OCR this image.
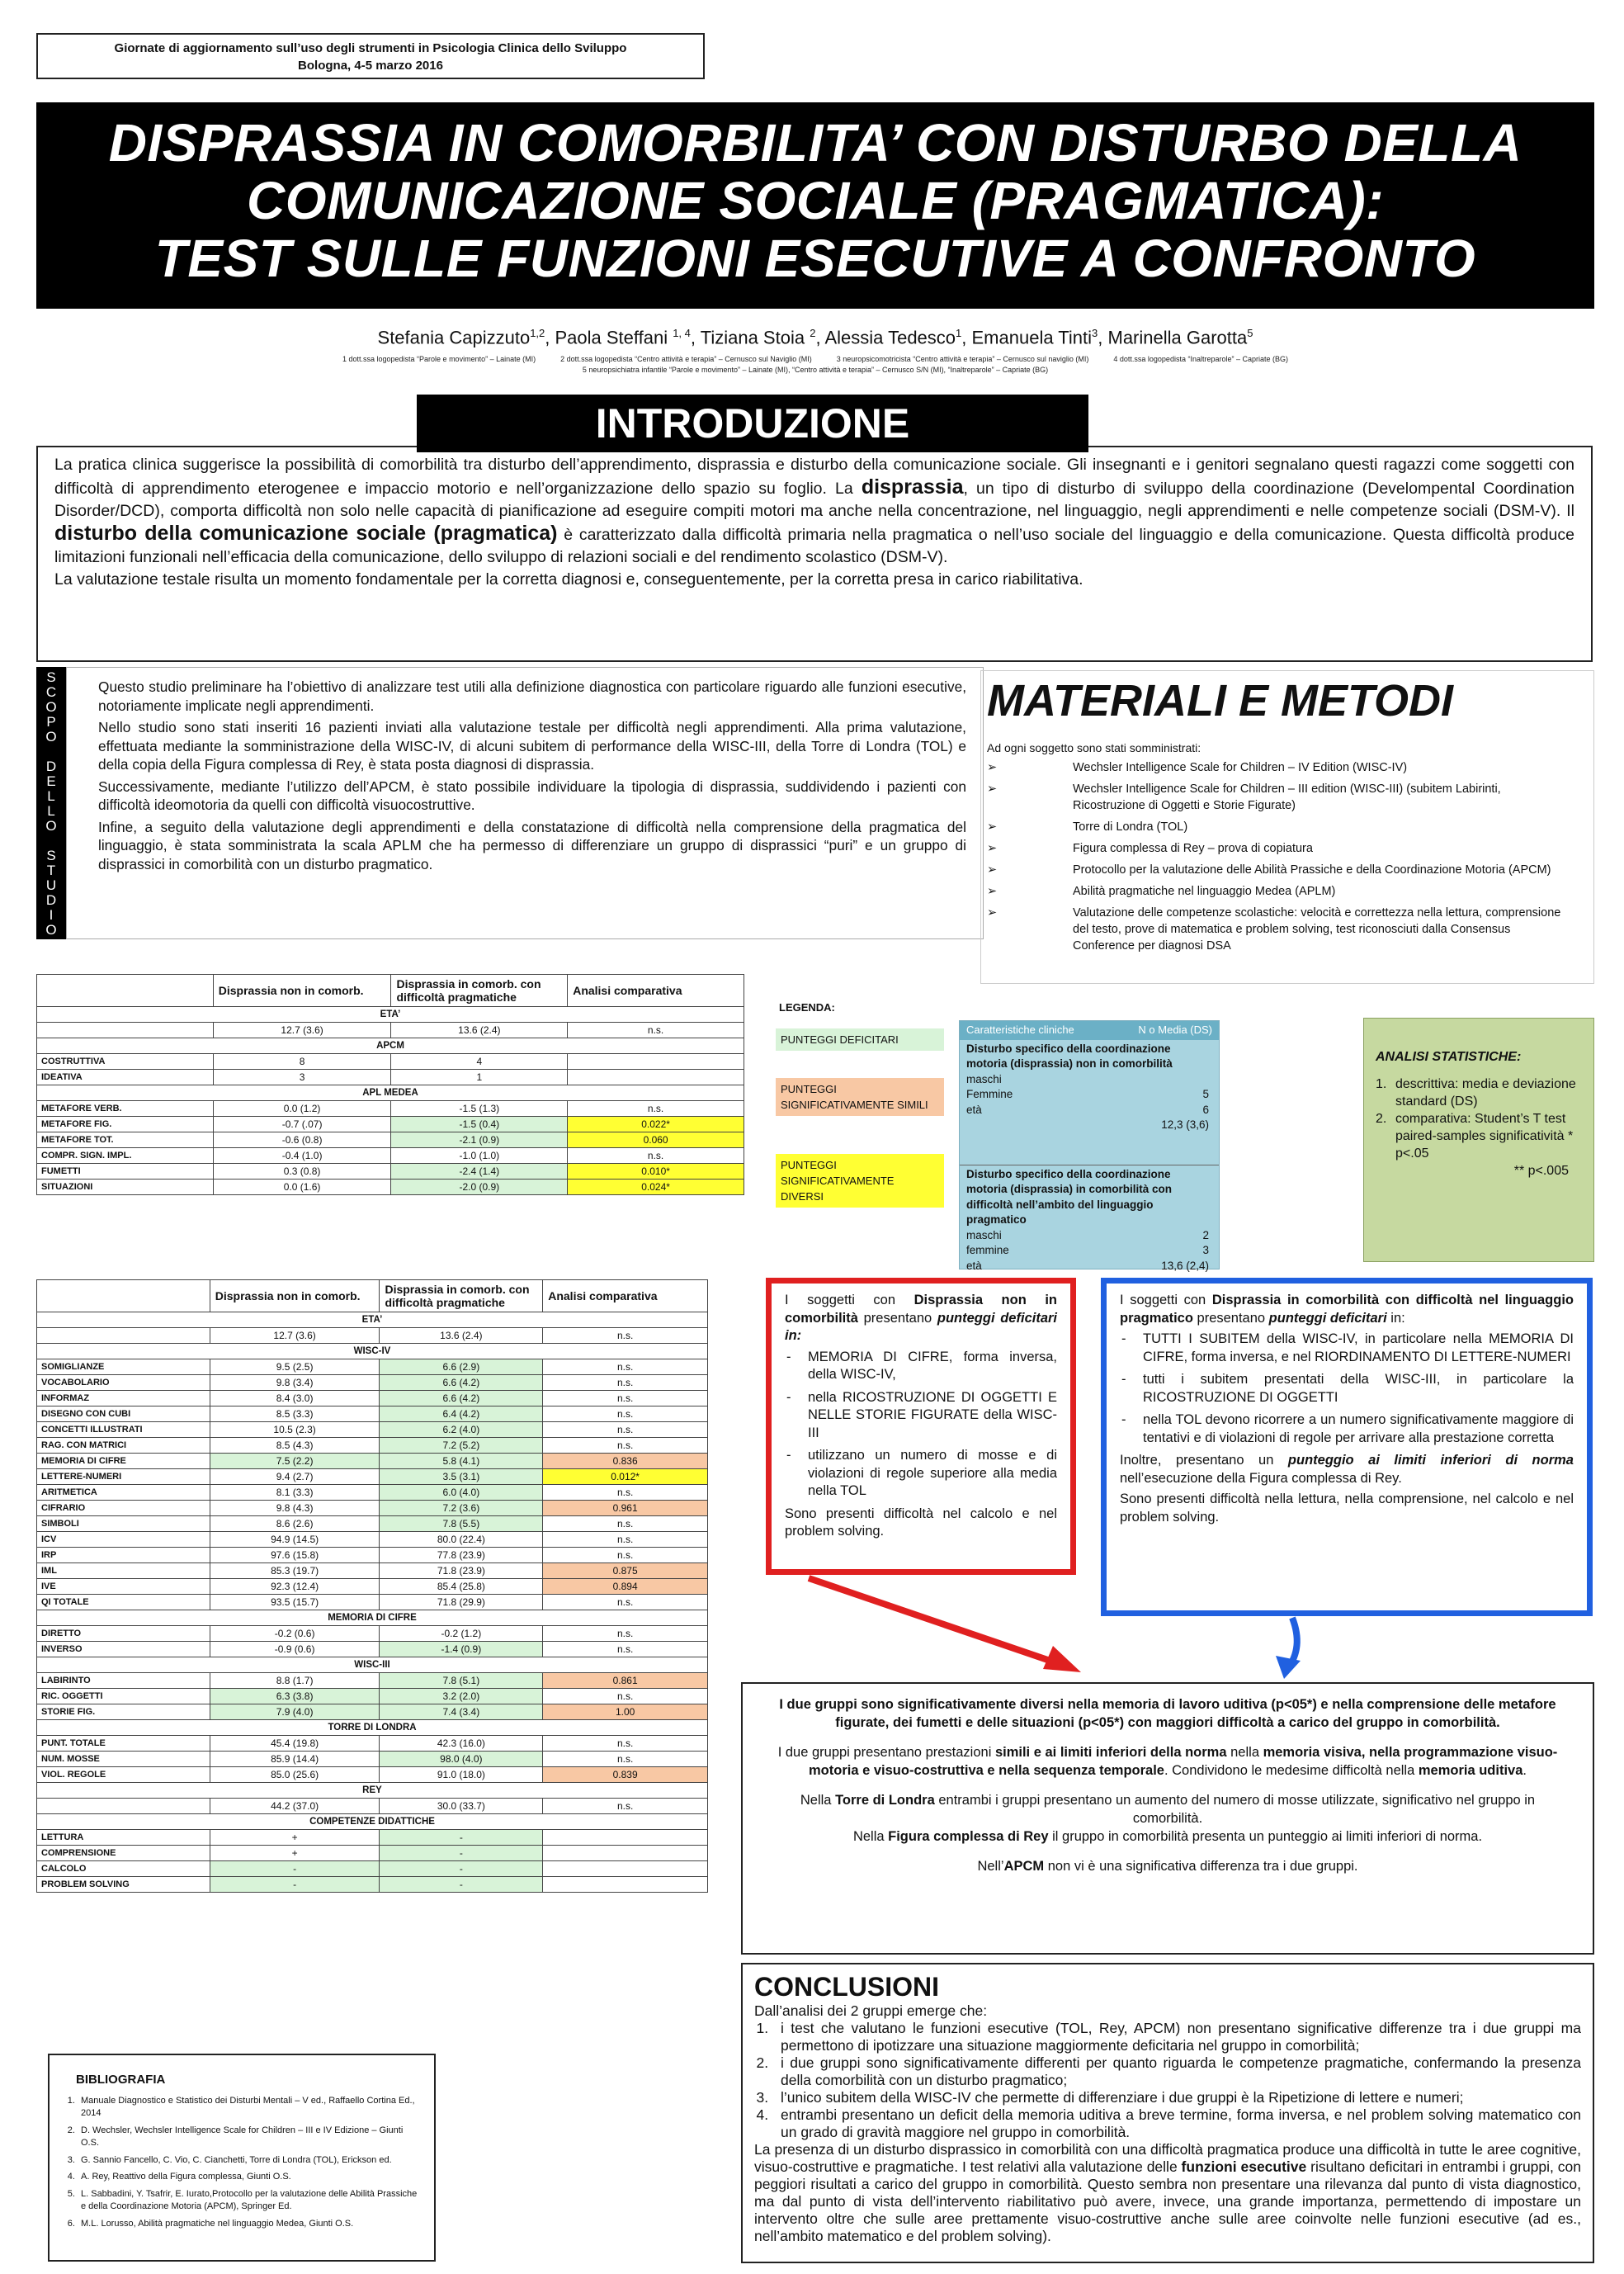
Giornate di aggiornamento sull’uso degli strumenti in Psicologia Clinica dello Sviluppo
Bologna, 4-5 marzo 2016
DISPRASSIA IN COMORBILITA’ CON DISTURBO DELLA
COMUNICAZIONE SOCIALE (PRAGMATICA):
TEST SULLE FUNZIONI ESECUTIVE A CONFRONTO
Stefania Capizzuto$^{1,2}$, Paola Steffani $^{1, 4}$, Tiziana Stoia $^2$, Alessia Tedesco$^1$, Emanuela Tinti$^3$, Marinella Garotta$^5$
1 dott.ssa logopedista “Parole e movimento” – Lainate (MI)            2 dott.ssa logopedista “Centro attività e terapia” – Cernusco sul Naviglio (MI)            3 neuropsicomotricista “Centro attività e terapia” – Cernusco sul naviglio (MI)            4 dott.ssa logopedista “Inaltreparole” – Capriate (BG)
5 neuropsichiatra infantile “Parole e movimento” – Lainate (MI), “Centro attività e terapia” – Cernusco S/N (MI), “Inaltreparole” – Capriate (BG)
La pratica clinica suggerisce la possibilità di comorbilità tra disturbo dell’apprendimento, disprassia e disturbo della comunicazione sociale. Gli insegnanti e i genitori segnalano questi ragazzi come soggetti con difficoltà di apprendimento eterogenee e impaccio motorio e nell’organizzazione dello spazio su foglio. La disprassia, un tipo di disturbo di sviluppo della coordinazione (Develompental Coordination Disorder/DCD), comporta difficoltà non solo nelle capacità di pianificazione ad eseguire compiti motori ma anche nella concentrazione, nel linguaggio, negli apprendimenti e nelle competenze sociali (DSM-V). Il disturbo della comunicazione sociale (pragmatica) è caratterizzato dalla difficoltà primaria nella pragmatica o nell’uso sociale del linguaggio e della comunicazione. Questa difficoltà produce limitazioni funzionali nell’efficacia della comunicazione, dello sviluppo di relazioni sociali e del rendimento scolastico (DSM-V).
La valutazione testale risulta un momento fondamentale per la corretta diagnosi e, conseguentemente, per la corretta presa in carico riabilitativa.
INTRODUZIONE
S
C
O
P
O

D
E
L
L
O

S
T
U
D
I
O

Questo studio preliminare ha l’obiettivo di analizzare test utili alla definizione diagnostica con particolare riguardo alle funzioni esecutive, notoriamente implicate negli apprendimenti.

Nello studio sono stati inseriti 16 pazienti inviati alla valutazione testale per difficoltà negli apprendimenti. Alla prima valutazione, effettuata mediante la somministrazione della WISC-IV, di alcuni subitem di performance della WISC-III, della Torre di Londra (TOL) e della copia della Figura complessa di Rey, è stata posta diagnosi di disprassia.

Successivamente, mediante l’utilizzo dell’APCM, è stato possibile individuare la tipologia di disprassia, suddividendo i pazienti con difficoltà ideomotoria da quelli con difficoltà visuocostruttive.

Infine, a seguito della valutazione degli apprendimenti e della constatazione di difficoltà nella comprensione della pragmatica del linguaggio, è stata somministrata la scala APLM che ha permesso di differenziare un gruppo di disprassici “puri” e un gruppo di disprassici in comorbilità con un disturbo pragmatico.

MATERIALI E METODI
Ad ogni soggetto sono stati somministrati:
➢	Wechsler Intelligence Scale for Children – IV Edition (WISC-IV)
➢	Wechsler Intelligence Scale for Children – III edition (WISC-III) (subitem Labirinti, Ricostruzione di Oggetti e Storie Figurate)
➢	Torre di Londra (TOL)
➢	Figura complessa di Rey – prova di copiatura
➢	Protocollo per la valutazione delle Abilità Prassiche e della Coordinazione Motoria (APCM)
➢	Abilità pragmatiche nel linguaggio Medea (APLM)
➢	Valutazione delle competenze scolastiche: velocità e correttezza nella lettura, comprensione del testo, prove di matematica e problem solving, test riconosciuti dalla Consensus Conference per diagnosi DSA
	Disprassia non in comorb.	Disprassia in comorb. con difficoltà pragmatiche	Analisi comparativa
ETA’			
	12.7 (3.6)	13.6 (2.4)	n.s.
APCM			
COSTRUTTIVA	8	4	
IDEATIVA	3	1	
APL MEDEA			
METAFORE VERB.	0.0 (1.2)	-1.5 (1.3)	n.s.
METAFORE FIG.	-0.7 (.07)	-1.5 (0.4)	0.022*
METAFORE TOT.	-0.6 (0.8)	-2.1 (0.9)	0.060
COMPR. SIGN. IMPL.	-0.4 (1.0)	-1.0 (1.0)	n.s.
FUMETTI	0.3 (0.8)	-2.4 (1.4)	0.010*
SITUAZIONI	0.0 (1.6)	-2.0 (0.9)	0.024*
LEGENDA:
PUNTEGGI DEFICITARI
PUNTEGGI SIGNIFICATIVAMENTE SIMILI
PUNTEGGI SIGNIFICATIVAMENTE DIVERSI
Caratteristiche cliniche	N o Media (DS)
Disturbo specifico della coordinazione motoria (disprassia) non in comorbilità
maschi
Femmine	5
età	6
12,3 (3,6)
Disturbo specifico della coordinazione motoria (disprassia) in comorbilità con difficoltà nell’ambito del linguaggio pragmatico
maschi	2
femmine	3
età	13,6 (2,4)
ANALISI STATISTICHE:
1. descrittiva: media e deviazione standard (DS)
2. comparativa: Student’s T test paired-samples significatività * p<.05
** p<.005
	Disprassia non in comorb.	Disprassia in comorb. con difficoltà pragmatiche	Analisi comparativa
ETA’			
	12.7 (3.6)	13.6 (2.4)	n.s.
WISC-IV			
SOMIGLIANZE	9.5 (2.5)	6.6 (2.9)	n.s.
VOCABOLARIO	9.8 (3.4)	6.6 (4.2)	n.s.
INFORMAZ	8.4 (3.0)	6.6 (4.2)	n.s.
DISEGNO CON CUBI	8.5 (3.3)	6.4 (4.2)	n.s.
CONCETTI ILLUSTRATI	10.5 (2.3)	6.2 (4.0)	n.s.
RAG. CON MATRICI	8.5 (4.3)	7.2 (5.2)	n.s.
MEMORIA DI CIFRE	7.5 (2.2)	5.8 (4.1)	0.836
LETTERE-NUMERI	9.4 (2.7)	3.5 (3.1)	0.012*
ARITMETICA	8.1 (3.3)	6.0 (4.0)	n.s.
CIFRARIO	9.8 (4.3)	7.2 (3.6)	0.961
SIMBOLI	8.6 (2.6)	7.8 (5.5)	n.s.
ICV	94.9 (14.5)	80.0 (22.4)	n.s.
IRP	97.6 (15.8)	77.8 (23.9)	n.s.
IML	85.3 (19.7)	71.8 (23.9)	0.875
IVE	92.3 (12.4)	85.4 (25.8)	0.894
QI TOTALE	93.5 (15.7)	71.8 (29.9)	n.s.
MEMORIA DI CIFRE			
DIRETTO	-0.2 (0.6)	-0.2 (1.2)	n.s.
INVERSO	-0.9 (0.6)	-1.4 (0.9)	n.s.
WISC-III			
LABIRINTO	8.8 (1.7)	7.8 (5.1)	0.861
RIC. OGGETTI	6.3 (3.8)	3.2 (2.0)	n.s.
STORIE FIG.	7.9 (4.0)	7.4 (3.4)	1.00
TORRE DI LONDRA			
PUNT. TOTALE	45.4 (19.8)	42.3 (16.0)	n.s.
NUM. MOSSE	85.9 (14.4)	98.0 (4.0)	n.s.
VIOL. REGOLE	85.0 (25.6)	91.0 (18.0)	0.839
REY			
	44.2 (37.0)	30.0 (33.7)	n.s.
COMPETENZE DIDATTICHE			
LETTURA	+	-	
COMPRENSIONE	+	-	
CALCOLO	-	-	
PROBLEM SOLVING	-	-	
I soggetti con Disprassia non in comorbilità presentano punteggi deficitari in:
- MEMORIA DI CIFRE, forma inversa, della WISC-IV,
- nella RICOSTRUZIONE DI OGGETTI E NELLE STORIE FIGURATE della WISC-III
- utilizzano un numero di mosse e di violazioni di regole superiore alla media nella TOL
Sono presenti difficoltà nel calcolo e nel problem solving.
I soggetti con Disprassia in comorbilità con difficoltà nel linguaggio pragmatico presentano punteggi deficitari in:
- TUTTI I SUBITEM della WISC-IV, in particolare nella MEMORIA DI CIFRE, forma inversa, e nel RIORDINAMENTO DI LETTERE-NUMERI
- tutti i subitem presentati della WISC-III, in particolare la RICOSTRUZIONE DI OGGETTI
- nella TOL devono ricorrere a un numero significativamente maggiore di tentativi e di violazioni di regole per arrivare alla prestazione corretta
Inoltre, presentano un punteggio ai limiti inferiori di norma nell’esecuzione della Figura complessa di Rey.
Sono presenti difficoltà nella lettura, nella comprensione, nel calcolo e nel problem solving.

I due gruppi sono significativamente diversi nella memoria di lavoro uditiva (p<05*) e nella comprensione delle metafore figurate, dei fumetti e delle situazioni (p<05*) con maggiori difficoltà a carico del gruppo in comorbilità.

I due gruppi presentano prestazioni simili e ai limiti inferiori della norma nella memoria visiva, nella programmazione visuo-motoria e visuo-costruttiva e nella sequenza temporale. Condividono le medesime difficoltà nella memoria uditiva.

Nella Torre di Londra entrambi i gruppi presentano un aumento del numero di mosse utilizzate, significativo nel gruppo in comorbilità.
Nella Figura complessa di Rey il gruppo in comorbilità presenta un punteggio ai limiti inferiori di norma.

Nell’APCM non vi è una significativa differenza tra i due gruppi.

CONCLUSIONI
Dall’analisi dei 2 gruppi emerge che:
1. i test che valutano le funzioni esecutive (TOL, Rey, APCM) non presentano significative differenze tra i due gruppi ma permettono di ipotizzare una situazione maggiormente deficitaria nel gruppo in comorbilità;
2. i due gruppi sono significativamente differenti per quanto riguarda le competenze pragmatiche, confermando la presenza della comorbilità con un disturbo pragmatico;
3. l’unico subitem della WISC-IV che permette di differenziare i due gruppi è la Ripetizione di lettere e numeri;
4. entrambi presentano un deficit della memoria uditiva a breve termine, forma inversa, e nel problem solving matematico con un grado di gravità maggiore nel gruppo in comorbilità.
La presenza di un disturbo disprassico in comorbilità con una difficoltà pragmatica produce una difficoltà in tutte le aree cognitive, visuo-costruttive e pragmatiche. I test relativi alla valutazione delle funzioni esecutive risultano deficitari in entrambi i gruppi, con peggiori risultati a carico del gruppo in comorbilità. Questo sembra non presentare una rilevanza dal punto di vista diagnostico, ma dal punto di vista dell’intervento riabilitativo può avere, invece, una grande importanza, permettendo di impostare un intervento oltre che sulle aree prettamente visuo-costruttive anche sulle aree coinvolte nelle funzioni esecutive (ad es., nell’ambito matematico e del problem solving).
BIBLIOGRAFIA
1. Manuale Diagnostico e Statistico dei Disturbi Mentali – V ed., Raffaello Cortina Ed., 2014
2. D. Wechsler, Wechsler Intelligence Scale for Children – III e IV Edizione – Giunti O.S.
3. G. Sannio Fancello, C. Vio, C. Cianchetti, Torre di Londra (TOL), Erickson ed.
4. A. Rey, Reattivo della Figura complessa, Giunti O.S.
5. L. Sabbadini, Y. Tsafrir, E. Iurato,Protocollo per la valutazione delle Abilità Prassiche e della Coordinazione Motoria (APCM), Springer Ed.
6. M.L. Lorusso, Abilità pragmatiche nel linguaggio Medea, Giunti O.S.
